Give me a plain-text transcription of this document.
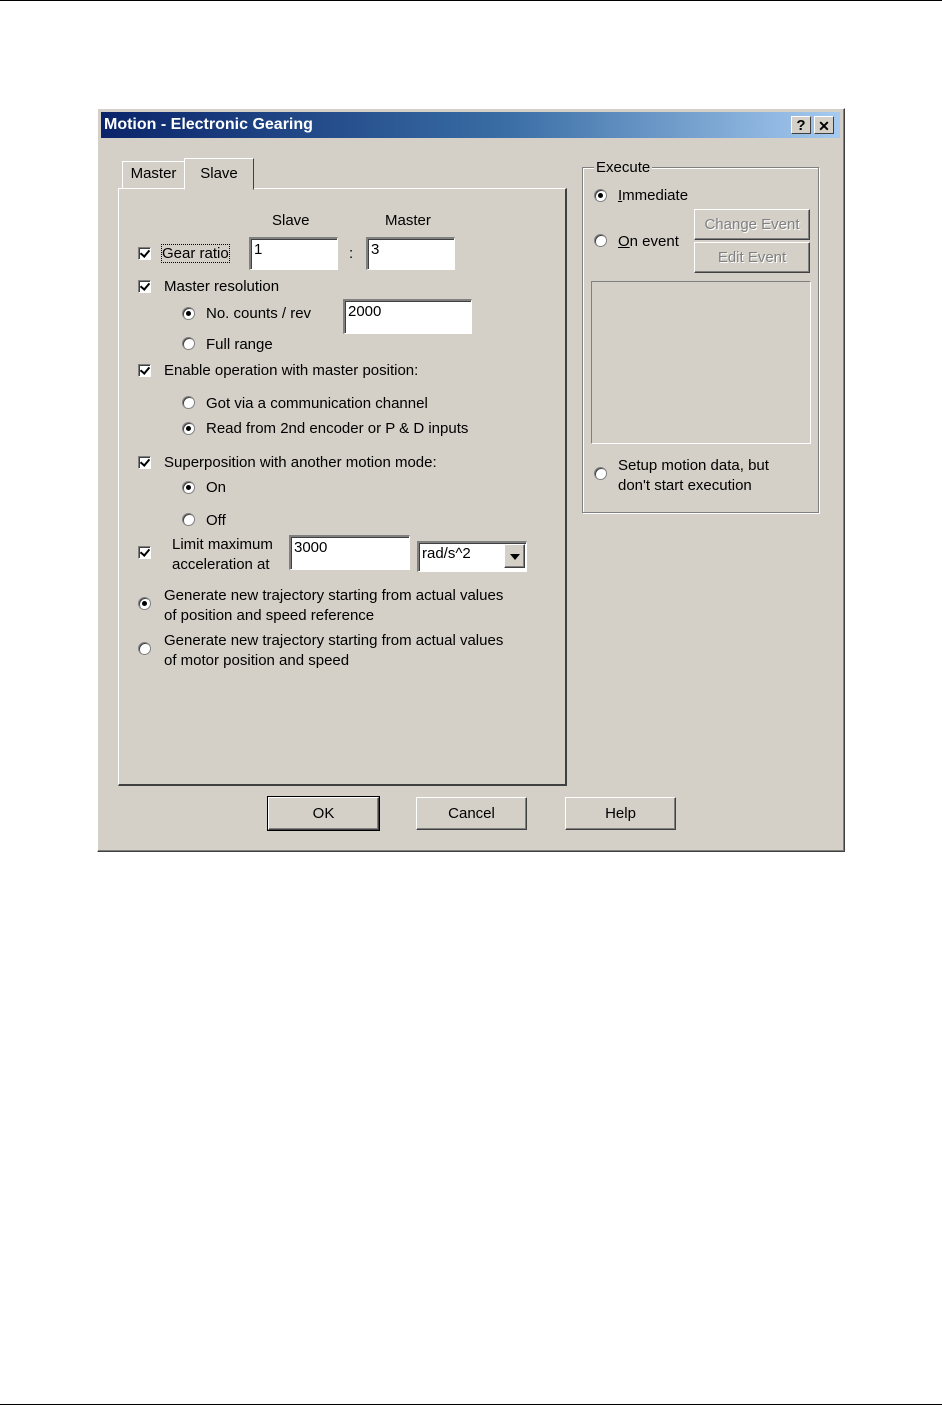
Motion - Electronic Gearing	? ✕
Master	Slave
Slave	Master
Gear ratio	1	:	3
Master resolution
No. counts / rev	2000
Full range
Enable operation with master position:
Got via a communication channel
Read from 2nd encoder or P & D inputs
Superposition with another motion mode:
On
Off
Limit maximum
acceleration at
3000	rad/s^2
Generate new trajectory starting from actual values
of position and speed reference
Generate new trajectory starting from actual values
of motor position and speed
Execute
Immediate
On event
Change Event
Edit Event
Setup motion data, but
don't start execution
OK	Cancel	Help
